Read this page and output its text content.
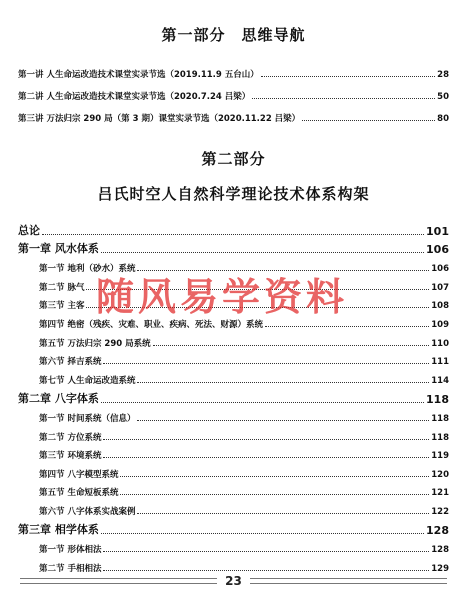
第一部分　思维导航
第一讲 人生命运改造技术课堂实录节选（2019.11.9 五台山）	28
第二讲 人生命运改造技术课堂实录节选（2020.7.24 吕梁）	50
第三讲 万法归宗 290 局（第 3 期）课堂实录节选（2020.11.22 吕梁）	80
第二部分
吕氏时空人自然科学理论技术体系构架
总论	101
第一章 风水体系	106
第一节 地利（砂水）系统	106
第二节 脉气	107
第三节 主客	108
第四节 绝密（残疾、灾难、职业、疾病、死法、财源）系统	109
第五节 万法归宗 290 局系统	110
第六节 择吉系统	111
第七节 人生命运改造系统	114
第二章 八字体系	118
第一节 时间系统（信息）	118
第二节 方位系统	118
第三节 环境系统	119
第四节 八字模型系统	120
第五节 生命短板系统	121
第六节 八字体系实战案例	122
第三章 相学体系	128
第一节 形体相法	128
第二节 手相相法	129
随风易学资料
23
